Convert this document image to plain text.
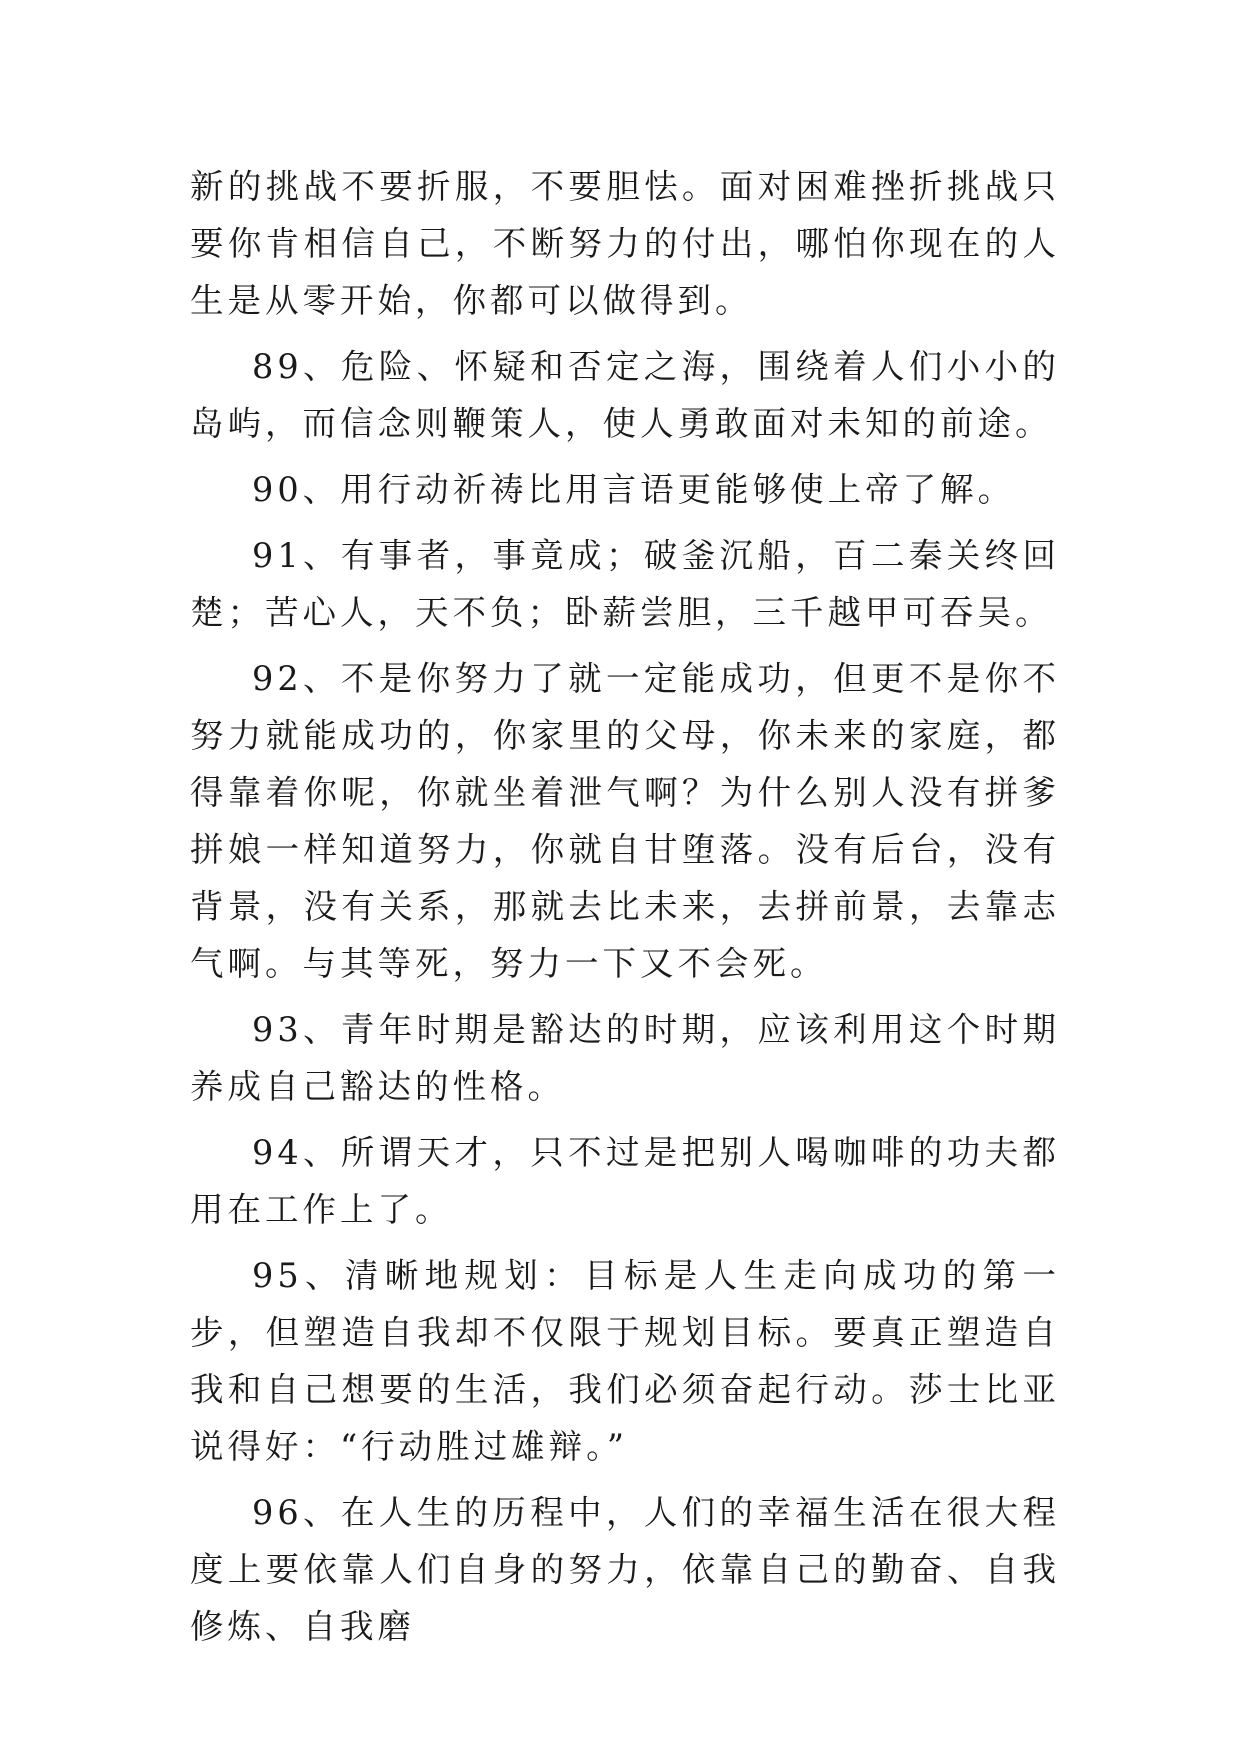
新的挑战不要折服，不要胆怯。面对困难挫折挑战只要你肯相信自己，不断努力的付出，哪怕你现在的人生是从零开始，你都可以做得到。

89、危险、怀疑和否定之海，围绕着人们小小的岛屿，而信念则鞭策人，使人勇敢面对未知的前途。

90、用行动祈祷比用言语更能够使上帝了解。

91、有事者，事竟成；破釜沉船，百二秦关终回楚；苦心人，天不负；卧薪尝胆，三千越甲可吞吴。

92、不是你努力了就一定能成功，但更不是你不努力就能成功的，你家里的父母，你未来的家庭，都得靠着你呢，你就坐着泄气啊？为什么别人没有拼爹拼娘一样知道努力，你就自甘堕落。没有后台，没有背景，没有关系，那就去比未来，去拼前景，去靠志气啊。与其等死，努力一下又不会死。

93、青年时期是豁达的时期，应该利用这个时期养成自己豁达的性格。

94、所谓天才，只不过是把别人喝咖啡的功夫都用在工作上了。

95、清晰地规划：目标是人生走向成功的第一步，但塑造自我却不仅限于规划目标。要真正塑造自我和自己想要的生活，我们必须奋起行动。莎士比亚说得好：“行动胜过雄辩。”

96、在人生的历程中，人们的幸福生活在很大程度上要依靠人们自身的努力，依靠自己的勤奋、自我修炼、自我磨
